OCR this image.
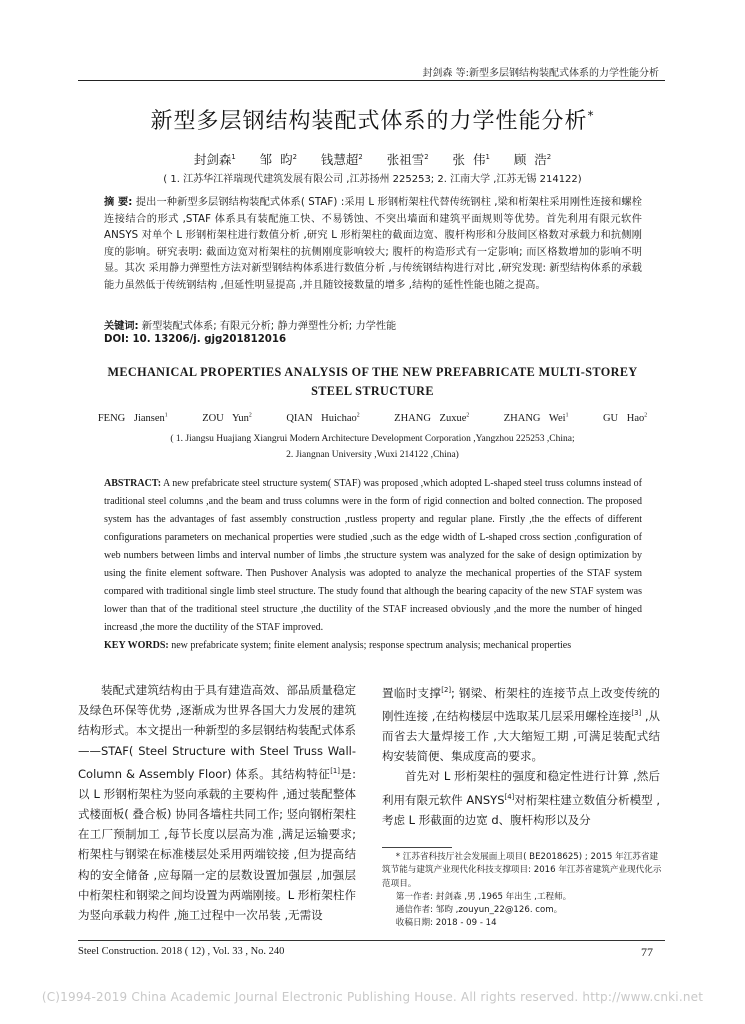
封剑森 等:新型多层钢结构装配式体系的力学性能分析
新型多层钢结构装配式体系的力学性能分析*
封剑森$^1$ 邹 昀$^2$ 钱慧超$^2$ 张祖雪$^2$ 张 伟$^1$ 顾 浩$^2$
( 1. 江苏华江祥瑞现代建筑发展有限公司 ,江苏扬州 225253; 2. 江南大学 ,江苏无锡 214122)
摘 要: 提出一种新型多层钢结构装配式体系( STAF) :采用 L 形钢桁架柱代替传统钢柱 ,梁和桁架柱采用刚性连接和螺栓连接结合的形式 ,STAF 体系具有装配施工快、不易锈蚀、不突出墙面和建筑平面规则等优势。首先利用有限元软件 ANSYS 对单个 L 形钢桁架柱进行数值分析 ,研究 L 形桁架柱的截面边宽、腹杆构形和分肢间区格数对承载力和抗侧刚度的影响。研究表明: 截面边宽对桁架柱的抗侧刚度影响较大; 腹杆的构造形式有一定影响; 而区格数增加的影响不明显。其次 采用静力弹塑性方法对新型钢结构体系进行数值分析 ,与传统钢结构进行对比 ,研究发现: 新型结构体系的承载能力虽然低于传统钢结构 ,但延性明显提高 ,并且随铰接数量的增多 ,结构的延性性能也随之提高。
关键词: 新型装配式体系; 有限元分析; 静力弹塑性分析; 力学性能
DOI: 10. 13206/j. gjg201812016
MECHANICAL PROPERTIES ANALYSIS OF THE NEW PREFABRICATE MULTI-STOREY
STEEL STRUCTURE
FENG Jiansen$^1$	ZOU Yun$^2$	QIAN Huichao$^2$	ZHANG Zuxue$^2$	ZHANG Wei$^1$	GU Hao$^2$
( 1. Jiangsu Huajiang Xiangrui Modern Architecture Development Corporation ,Yangzhou 225253 ,China;
2. Jiangnan University ,Wuxi 214122 ,China)
ABSTRACT: A new prefabricate steel structure system( STAF) was proposed ,which adopted L-shaped steel truss columns instead of traditional steel columns ,and the beam and truss columns were in the form of rigid connection and bolted connection. The proposed system has the advantages of fast assembly construction ,rustless property and regular plane. Firstly ,the the effects of different configurations parameters on mechanical properties were studied ,such as the edge width of L-shaped cross section ,configuration of web numbers between limbs and interval number of limbs ,the structure system was analyzed for the sake of design optimization by using the finite element software. Then Pushover Analysis was adopted to analyze the mechanical properties of the STAF system compared with traditional single limb steel structure. The study found that although the bearing capacity of the new STAF system was lower than that of the traditional steel structure ,the ductility of the STAF increased obviously ,and the more the number of hinged increasd ,the more the ductility of the STAF improved.
KEY WORDS: new prefabricate system; finite element analysis; response spectrum analysis; mechanical properties

装配式建筑结构由于具有建造高效、部品质量稳定及绿色环保等优势 ,逐渐成为世界各国大力发展的建筑结构形式。本文提出一种新型的多层钢结构装配式体系——STAF( Steel Structure with Steel Truss Wall-Column & Assembly Floor) 体系。其结构特征[1]是: 以 L 形钢桁架柱为竖向承载的主要构件 ,通过装配整体式楼面板( 叠合板) 协同各墙柱共同工作; 竖向钢桁架柱在工厂预制加工 ,每节长度以层高为准 ,满足运输要求; 桁架柱与钢梁在标准楼层处采用两端铰接 ,但为提高结构的安全储备 ,应每隔一定的层数设置加强层 ,加强层中桁架柱和钢梁之间均设置为两端刚接。L 形桁架柱作为竖向承载力构件 ,施工过程中一次吊装 ,无需设

置临时支撑[2]; 钢梁、桁架柱的连接节点上改变传统的刚性连接 ,在结构楼层中选取某几层采用螺栓连接[3] ,从而省去大量焊接工作 ,大大缩短工期 ,可满足装配式结构安装简便、集成度高的要求。

首先对 L 形桁架柱的强度和稳定性进行计算 ,然后利用有限元软件 ANSYS[4]对桁架柱建立数值分析模型 ,考虑 L 形截面的边宽 d、腹杆构形以及分

* 江苏省科技厅社会发展面上项目( BE2018625) ; 2015 年江苏省建筑节能与建筑产业现代化科技支撑项目: 2016 年江苏省建筑产业现代化示范项目。
第一作者: 封剑森 ,男 ,1965 年出生 ,工程师。
通信作者: 邹昀 ,zouyun_22@126. com。
收稿日期: 2018 - 09 - 14
Steel Construction. 2018 ( 12) , Vol. 33 , No. 240	77
(C)1994-2019 China Academic Journal Electronic Publishing House. All rights reserved. http://www.cnki.net
